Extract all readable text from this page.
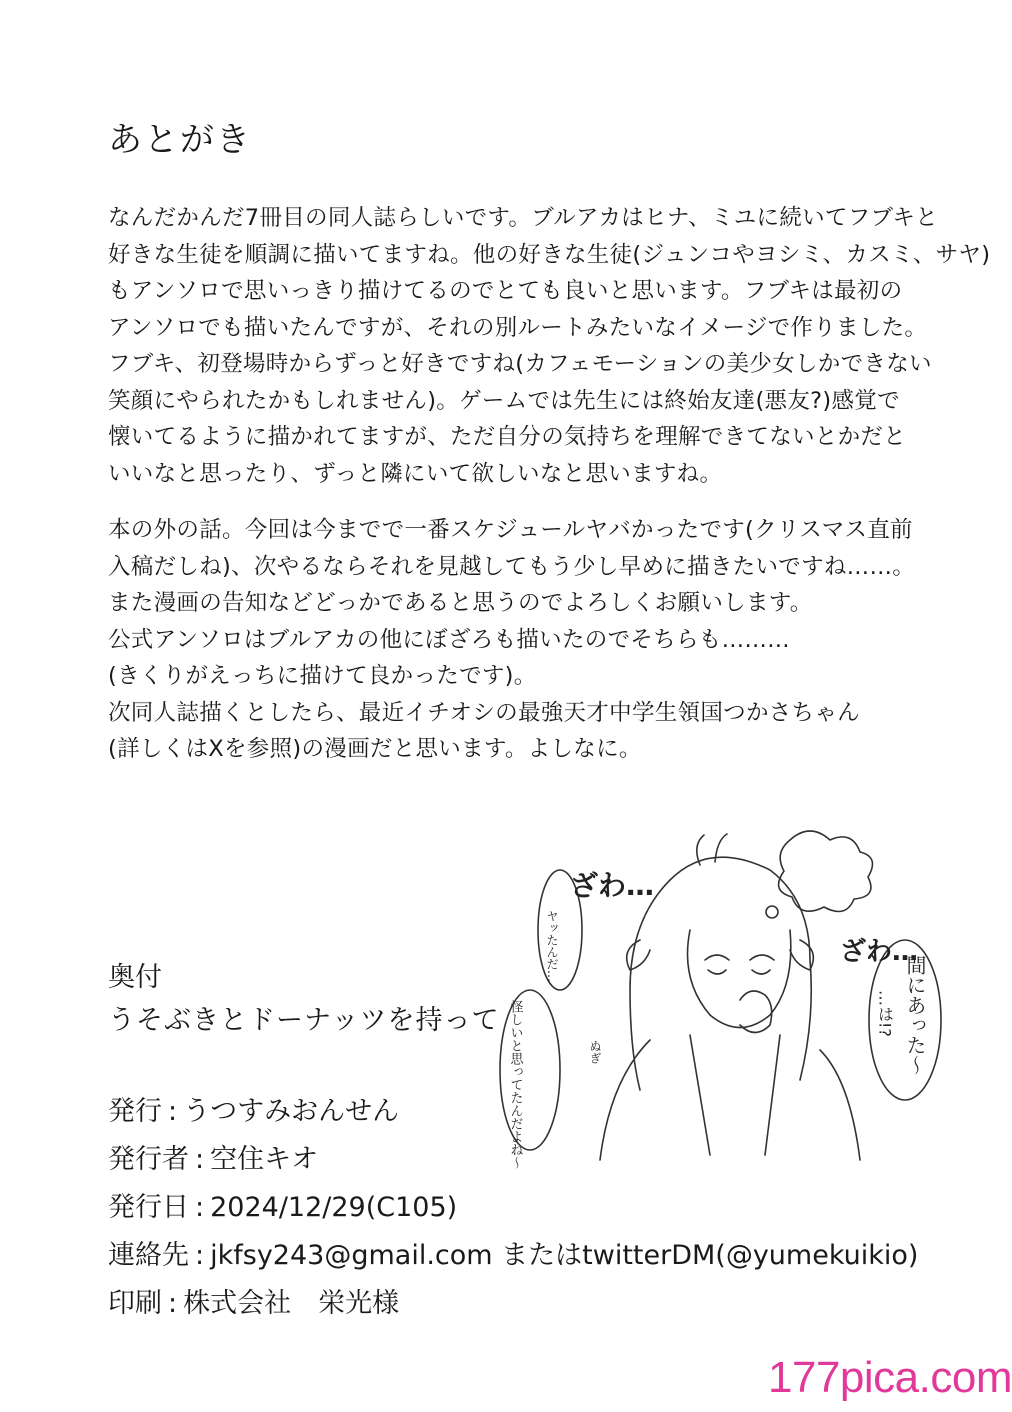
あとがき
なんだかんだ7冊目の同人誌らしいです。ブルアカはヒナ、ミユに続いてフブキと
好きな生徒を順調に描いてますね。他の好きな生徒(ジュンコやヨシミ、カスミ、サヤ)
もアンソロで思いっきり描けてるのでとても良いと思います。フブキは最初の
アンソロでも描いたんですが、それの別ルートみたいなイメージで作りました。
フブキ、初登場時からずっと好きですね(カフェモーションの美少女しかできない
笑顔にやられたかもしれません)。ゲームでは先生には終始友達(悪友?)感覚で
懐いてるように描かれてますが、ただ自分の気持ちを理解できてないとかだと
いいなと思ったり、ずっと隣にいて欲しいなと思いますね。
本の外の話。今回は今までで一番スケジュールヤバかったです(クリスマス直前
入稿だしね)、次やるならそれを見越してもう少し早めに描きたいですね……。
また漫画の告知などどっかであると思うのでよろしくお願いします。
公式アンソロはブルアカの他にぼざろも描いたのでそちらも………
(きくりがえっちに描けて良かったです)。
次同人誌描くとしたら、最近イチオシの最強天才中学生領国つかさちゃん
(詳しくはXを参照)の漫画だと思います。よしなに。
奥付
うそぶきとドーナッツを持って
発行 : うつすみおんせん
発行者 : 空住キオ
発行日 : 2024/12/29(C105)
連絡先 : jkfsy243@gmail.com またはtwitterDM(@yumekuikio)
印刷 : 株式会社　栄光様
ざわ…
ざわ…
ヤッたんだ…
怪しいと思ってたんだよね～	ぬぎ	間にあった～
…は!?
177pica.com
